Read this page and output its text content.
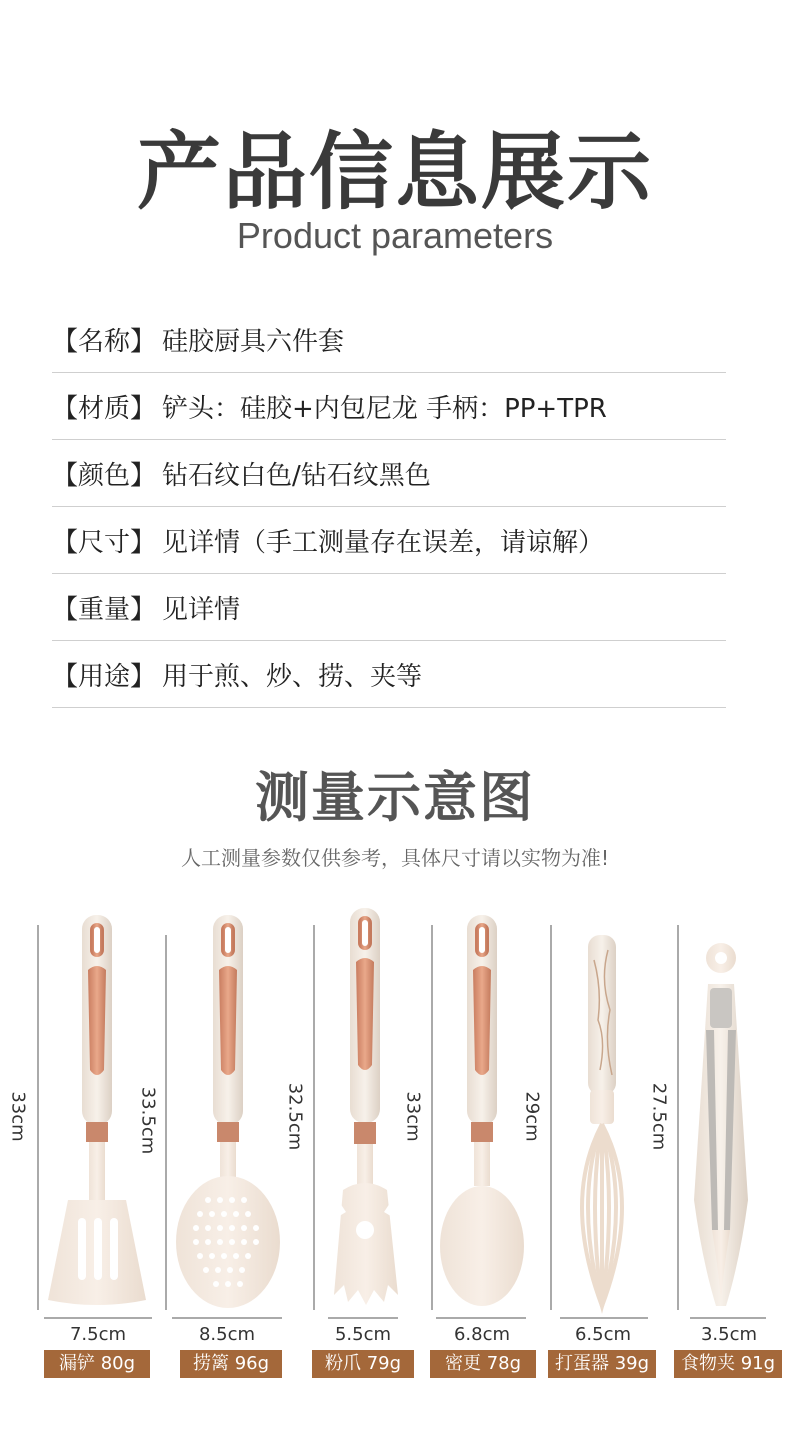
产品信息展示
Product parameters
【名称】 硅胶厨具六件套
【材质】 铲头：硅胶+内包尼龙 手柄：PP+TPR
【颜色】 钻石纹白色/钻石纹黑色
【尺寸】 见详情（手工测量存在误差，请谅解）
【重量】 见详情
【用途】 用于煎、炒、捞、夹等
测量示意图
人工测量参数仅供参考，具体尺寸请以实物为准!
33cm	33.5cm	32.5cm	33cm	29cm	27.5cm
7.5cm	8.5cm	5.5cm	6.8cm	6.5cm	3.5cm
漏铲 80g	捞篱 96g	粉爪 79g	密更 78g	打蛋器 39g	食物夹 91g
